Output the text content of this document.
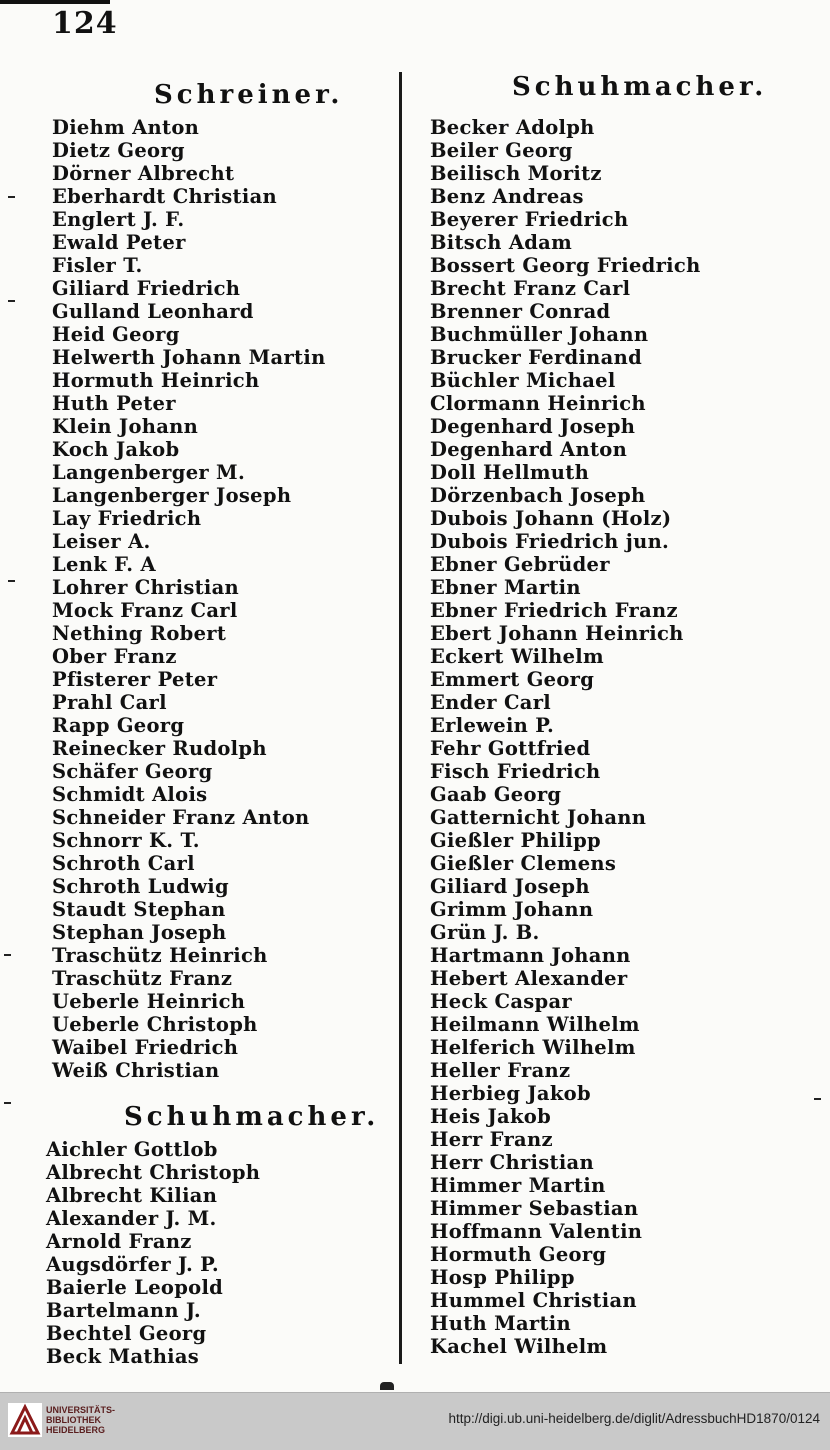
124
Schreiner.
Diehm Anton
Dietz Georg
Dörner Albrecht
Eberhardt Christian
Englert J. F.
Ewald Peter
Fisler T.
Giliard Friedrich
Gulland Leonhard
Heid Georg
Helwerth Johann Martin
Hormuth Heinrich
Huth Peter
Klein Johann
Koch Jakob
Langenberger M.
Langenberger Joseph
Lay Friedrich
Leiser A.
Lenk F. A
Lohrer Christian
Mock Franz Carl
Nething Robert
Ober Franz
Pfisterer Peter
Prahl Carl
Rapp Georg
Reinecker Rudolph
Schäfer Georg
Schmidt Alois
Schneider Franz Anton
Schnorr K. T.
Schroth Carl
Schroth Ludwig
Staudt Stephan
Stephan Joseph
Traschütz Heinrich
Traschütz Franz
Ueberle Heinrich
Ueberle Christoph
Waibel Friedrich
Weiß Christian
Schuhmacher.
Aichler Gottlob
Albrecht Christoph
Albrecht Kilian
Alexander J. M.
Arnold Franz
Augsdörfer J. P.
Baierle Leopold
Bartelmann J.
Bechtel Georg
Beck Mathias
Schuhmacher.
Becker Adolph
Beiler Georg
Beilisch Moritz
Benz Andreas
Beyerer Friedrich
Bitsch Adam
Bossert Georg Friedrich
Brecht Franz Carl
Brenner Conrad
Buchmüller Johann
Brucker Ferdinand
Büchler Michael
Clormann Heinrich
Degenhard Joseph
Degenhard Anton
Doll Hellmuth
Dörzenbach Joseph
Dubois Johann (Holz)
Dubois Friedrich jun.
Ebner Gebrüder
Ebner Martin
Ebner Friedrich Franz
Ebert Johann Heinrich
Eckert Wilhelm
Emmert Georg
Ender Carl
Erlewein P.
Fehr Gottfried
Fisch Friedrich
Gaab Georg
Gatternicht Johann
Gießler Philipp
Gießler Clemens
Giliard Joseph
Grimm Johann
Grün J. B.
Hartmann Johann
Hebert Alexander
Heck Caspar
Heilmann Wilhelm
Helferich Wilhelm
Heller Franz
Herbieg Jakob
Heis Jakob
Herr Franz
Herr Christian
Himmer Martin
Himmer Sebastian
Hoffmann Valentin
Hormuth Georg
Hosp Philipp
Hummel Christian
Huth Martin
Kachel Wilhelm
UNIVERSITÄTS-
BIBLIOTHEK
HEIDELBERG
http://digi.ub.uni-heidelberg.de/diglit/AdressbuchHD1870/0124
